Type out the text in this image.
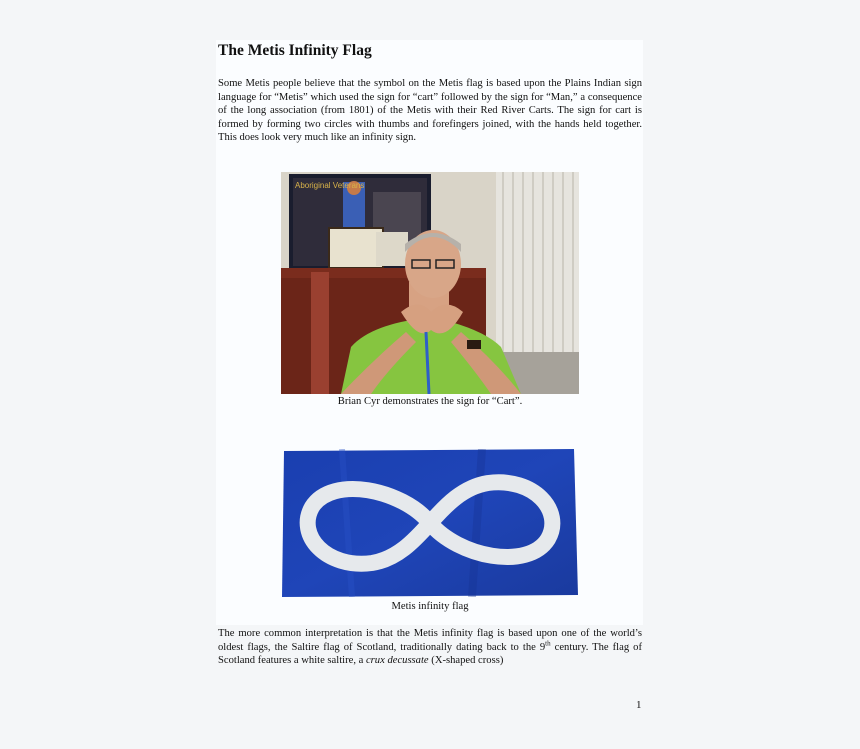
The Metis Infinity Flag

Some Metis people believe that the symbol on the Metis flag is based upon the Plains Indian sign language for “Metis” which used the sign for “cart” followed by the sign for “Man,” a consequence of the long association (from 1801) of the Metis with their Red River Carts. The sign for cart is formed by forming two circles with thumbs and forefingers joined, with the hands held together. This does look very much like an infinity sign.

Aboriginal Veterans

Brian Cyr demonstrates the sign for “Cart”.

Metis infinity flag

The more common interpretation is that the Metis infinity flag is based upon one of the world’s oldest flags, the Saltire flag of Scotland, traditionally dating back to the 9th century. The flag of Scotland features a white saltire, a crux decussate (X-shaped cross)

1
